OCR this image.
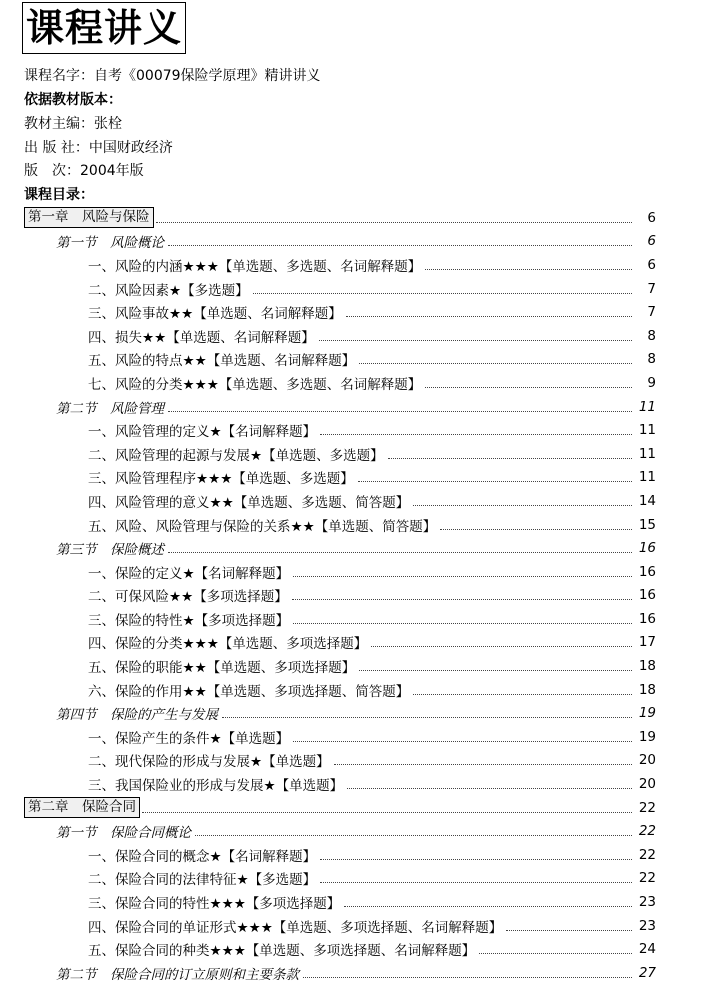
课程讲义
课程名字：自考《00079保险学原理》精讲讲义
依据教材版本：
教材主编：张栓
出 版 社：中国财政经济
版　次：2004年版
课程目录：
第一章　风险与保险	6
第一节　风险概论	6
一、风险的内涵★★★【单选题、多选题、名词解释题】	6
二、风险因素★【多选题】	7
三、风险事故★★【单选题、名词解释题】	7
四、损失★★【单选题、名词解释题】	8
五、风险的特点★★【单选题、名词解释题】	8
七、风险的分类★★★【单选题、多选题、名词解释题】	9
第二节　风险管理	11
一、风险管理的定义★【名词解释题】	11
二、风险管理的起源与发展★【单选题、多选题】	11
三、风险管理程序★★★【单选题、多选题】	11
四、风险管理的意义★★【单选题、多选题、简答题】	14
五、风险、风险管理与保险的关系★★【单选题、简答题】	15
第三节　保险概述	16
一、保险的定义★【名词解释题】	16
二、可保风险★★【多项选择题】	16
三、保险的特性★【多项选择题】	16
四、保险的分类★★★【单选题、多项选择题】	17
五、保险的职能★★【单选题、多项选择题】	18
六、保险的作用★★【单选题、多项选择题、简答题】	18
第四节　保险的产生与发展	19
一、保险产生的条件★【单选题】	19
二、现代保险的形成与发展★【单选题】	20
三、我国保险业的形成与发展★【单选题】	20
第二章　保险合同	22
第一节　保险合同概论	22
一、保险合同的概念★【名词解释题】	22
二、保险合同的法律特征★【多选题】	22
三、保险合同的特性★★★【多项选择题】	23
四、保险合同的单证形式★★★【单选题、多项选择题、名词解释题】	23
五、保险合同的种类★★★【单选题、多项选择题、名词解释题】	24
第二节　保险合同的订立原则和主要条款	27
